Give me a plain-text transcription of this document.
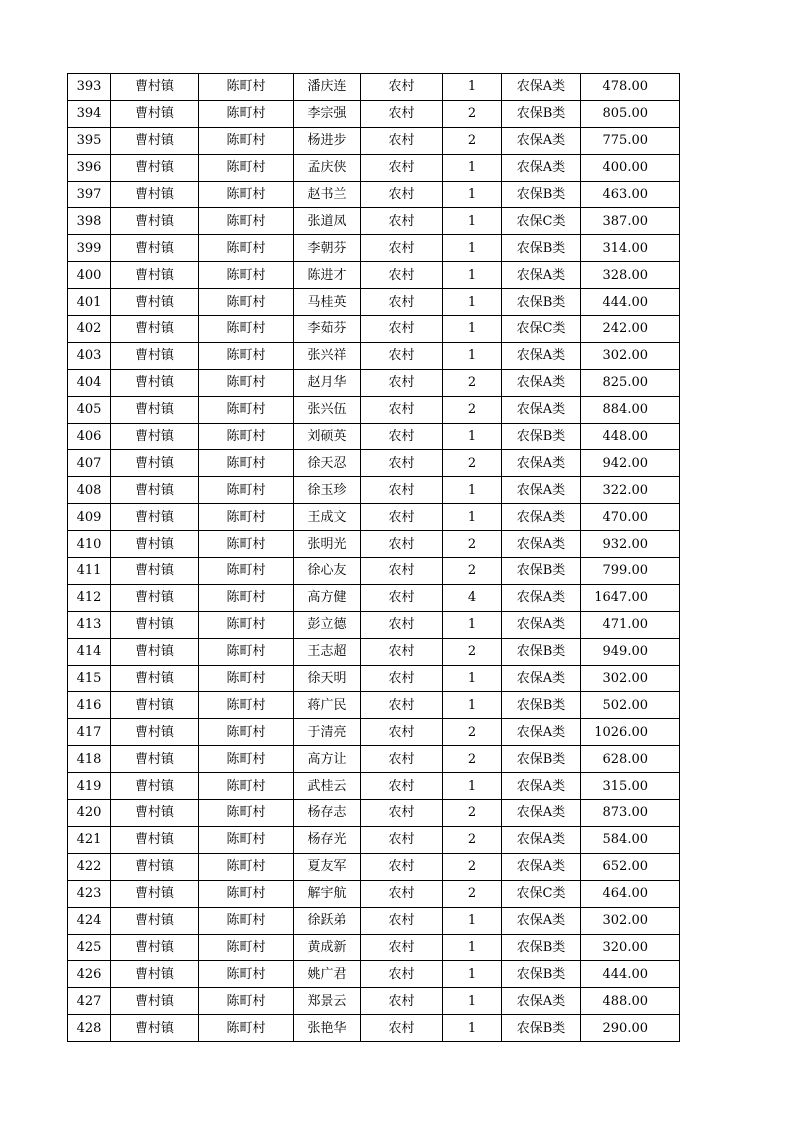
393	曹村镇	陈町村	潘庆连	农村	1	农保A类	478.00
394	曹村镇	陈町村	李宗强	农村	2	农保B类	805.00
395	曹村镇	陈町村	杨进步	农村	2	农保A类	775.00
396	曹村镇	陈町村	孟庆侠	农村	1	农保A类	400.00
397	曹村镇	陈町村	赵书兰	农村	1	农保B类	463.00
398	曹村镇	陈町村	张道凤	农村	1	农保C类	387.00
399	曹村镇	陈町村	李朝芬	农村	1	农保B类	314.00
400	曹村镇	陈町村	陈进才	农村	1	农保A类	328.00
401	曹村镇	陈町村	马桂英	农村	1	农保B类	444.00
402	曹村镇	陈町村	李茹芬	农村	1	农保C类	242.00
403	曹村镇	陈町村	张兴祥	农村	1	农保A类	302.00
404	曹村镇	陈町村	赵月华	农村	2	农保A类	825.00
405	曹村镇	陈町村	张兴伍	农村	2	农保A类	884.00
406	曹村镇	陈町村	刘硕英	农村	1	农保B类	448.00
407	曹村镇	陈町村	徐天忍	农村	2	农保A类	942.00
408	曹村镇	陈町村	徐玉珍	农村	1	农保A类	322.00
409	曹村镇	陈町村	王成文	农村	1	农保A类	470.00
410	曹村镇	陈町村	张明光	农村	2	农保A类	932.00
411	曹村镇	陈町村	徐心友	农村	2	农保B类	799.00
412	曹村镇	陈町村	高方健	农村	4	农保A类	1647.00
413	曹村镇	陈町村	彭立德	农村	1	农保A类	471.00
414	曹村镇	陈町村	王志超	农村	2	农保B类	949.00
415	曹村镇	陈町村	徐天明	农村	1	农保A类	302.00
416	曹村镇	陈町村	蒋广民	农村	1	农保B类	502.00
417	曹村镇	陈町村	于清亮	农村	2	农保A类	1026.00
418	曹村镇	陈町村	高方让	农村	2	农保B类	628.00
419	曹村镇	陈町村	武桂云	农村	1	农保A类	315.00
420	曹村镇	陈町村	杨存志	农村	2	农保A类	873.00
421	曹村镇	陈町村	杨存光	农村	2	农保A类	584.00
422	曹村镇	陈町村	夏友军	农村	2	农保A类	652.00
423	曹村镇	陈町村	解宇航	农村	2	农保C类	464.00
424	曹村镇	陈町村	徐跃弟	农村	1	农保A类	302.00
425	曹村镇	陈町村	黄成新	农村	1	农保B类	320.00
426	曹村镇	陈町村	姚广君	农村	1	农保B类	444.00
427	曹村镇	陈町村	郑景云	农村	1	农保A类	488.00
428	曹村镇	陈町村	张艳华	农村	1	农保B类	290.00
